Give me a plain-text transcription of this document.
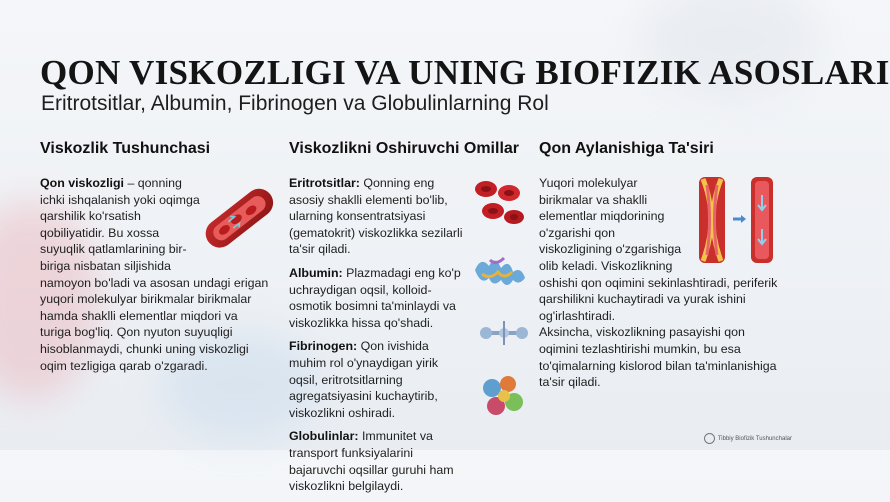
QON VISKOZLIGI VA UNING BIOFIZIK ASOSLARI
Eritrotsitlar, Albumin, Fibrinogen va Globulinlarning Rol
Viskozlik Tushunchasi

Qon viskozligi – qonning ichki ishqalanish yoki oqimga qarshilik ko'rsatish qobiliyatidir. Bu xossa suyuqlik qatlamlarining bir-biriga nisbatan siljishida namoyon bo'ladi va asosan undagi erigan yuqori molekulyar birikmalar birikmalar hamda shaklli elementlar miqdori va turiga bog'liq. Qon nyuton suyuqligi hisoblanmaydi, chunki uning viskozligi oqim tezligiga qarab o'zgaradi.

Viskozlikni Oshiruvchi Omillar

Eritrotsitlar: Qonning eng asosiy shaklli elementi bo'lib, ularning konsentratsiyasi (gematokrit) viskozlikka sezilarli ta'sir qiladi.

Albumin: Plazmadagi eng ko'p uchraydigan oqsil, kolloid-osmotik bosimni ta'minlaydi va viskozlikka hissa qo'shadi.

Fibrinogen: Qon ivishida muhim rol o'ynaydigan yirik oqsil, eritrotsitlarning agregatsiyasini kuchaytirib, viskozlikni oshiradi.

Globulinlar: Immunitet va transport funksiyalarini bajaruvchi oqsillar guruhi ham viskozlikni belgilaydi.

Qon Aylanishiga Ta'siri

Yuqori molekulyar birikmalar va shaklli elementlar miqdorining o'zgarishi qon viskozligining o'zgarishiga olib keladi. Viskozlikning oshishi qon oqimini sekinlashtiradi, periferik qarshilikni kuchaytiradi va yurak ishini og'irlashtiradi.

Aksincha, viskozlikning pasayishi qon oqimini tezlashtirishi mumkin, bu esa to'qimalarning kislorod bilan ta'minlanishiga ta'sir qiladi.

Tibbiy Biofizik Tushunchalar
